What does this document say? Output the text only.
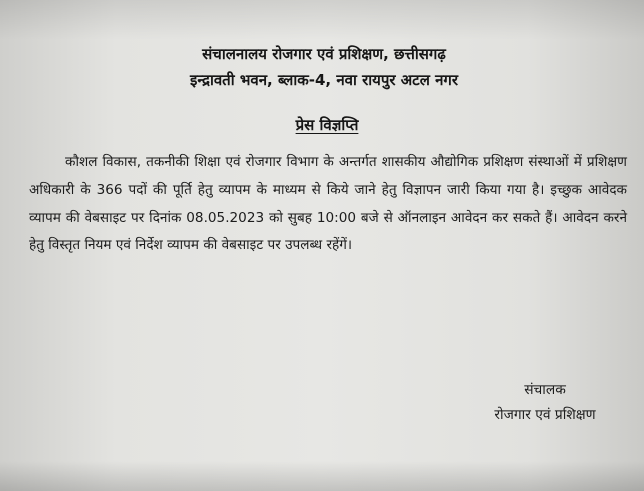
संचालनालय रोजगार एवं प्रशिक्षण, छत्तीसगढ़
इन्द्रावती भवन, ब्लाक-4, नवा रायपुर अटल नगर
प्रेस विज्ञप्ति

कौशल विकास, तकनीकी शिक्षा एवं रोजगार विभाग के अन्तर्गत शासकीय औद्योगिक प्रशिक्षण संस्थाओं में प्रशिक्षण अधिकारी के 366 पदों की पूर्ति हेतु व्यापम के माध्यम से किये जाने हेतु विज्ञापन जारी किया गया है। इच्छुक आवेदक व्यापम की वेबसाइट पर दिनांक 08.05.2023 को सुबह 10:00 बजे से ऑनलाइन आवेदन कर सकते हैं। आवेदन करने हेतु विस्तृत नियम एवं निर्देश व्यापम की वेबसाइट पर उपलब्ध रहेंगें।

संचालक
रोजगार एवं प्रशिक्षण
